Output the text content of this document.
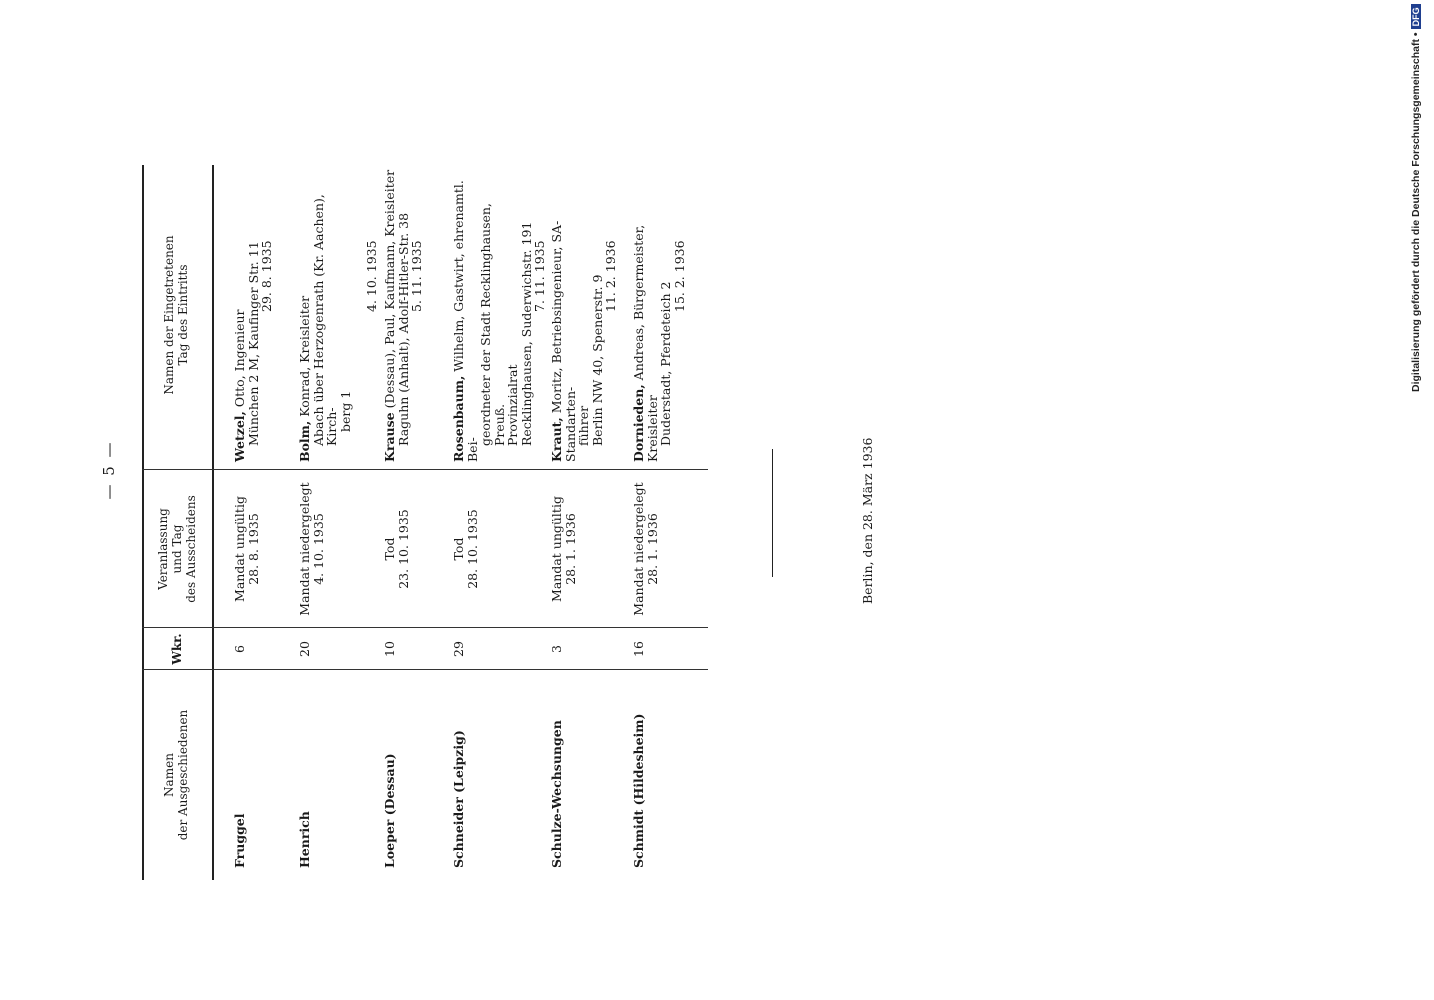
— 5 —
Namen der Ausgeschiedenen
Wkr.
Veranlassung und Tag des Ausscheidens
Namen der Eingetretenen Tag des Eintritts
Fruggel
6
Mandat ungültig
28. 8. 1935
Wetzel, Otto, Ingenieur
München 2 M, Kaufinger Str. 11
29. 8. 1935
Henrich
20
Mandat niedergelegt
4. 10. 1935
Bolm, Konrad, Kreisleiter
Abach über Herzogenrath (Kr. Aachen), Kirch-
berg 1
4. 10. 1935
Loeper (Dessau)
10
Tod
23. 10. 1935
Krause (Dessau), Paul, Kaufmann, Kreisleiter
Raguhn (Anhalt), Adolf-Hitler-Str. 38
5. 11. 1935
Schneider (Leipzig)
29
Tod
28. 10. 1935
Rosenbaum, Wilhelm, Gastwirt, ehrenamtl. Bei-
geordneter der Stadt Recklinghausen, Preuß.
Provinzialrat
Recklinghausen, Suderwichstr. 191
7. 11. 1935
Schulze-Wechsungen
3
Mandat ungültig
28. 1. 1936
Kraut, Moritz, Betriebsingenieur, SA-Standarten-
führer
Berlin NW 40, Spenerstr. 9
11. 2. 1936
Schmidt (Hildesheim)
16
Mandat niedergelegt
28. 1. 1936
Dornieden, Andreas, Bürgermeister, Kreisleiter
Duderstadt, Pferdeteich 2
15. 2. 1936
Berlin, den 28. März 1936
Digitalisierung gefördert durch die Deutsche Forschungsgemeinschaft •DFG
